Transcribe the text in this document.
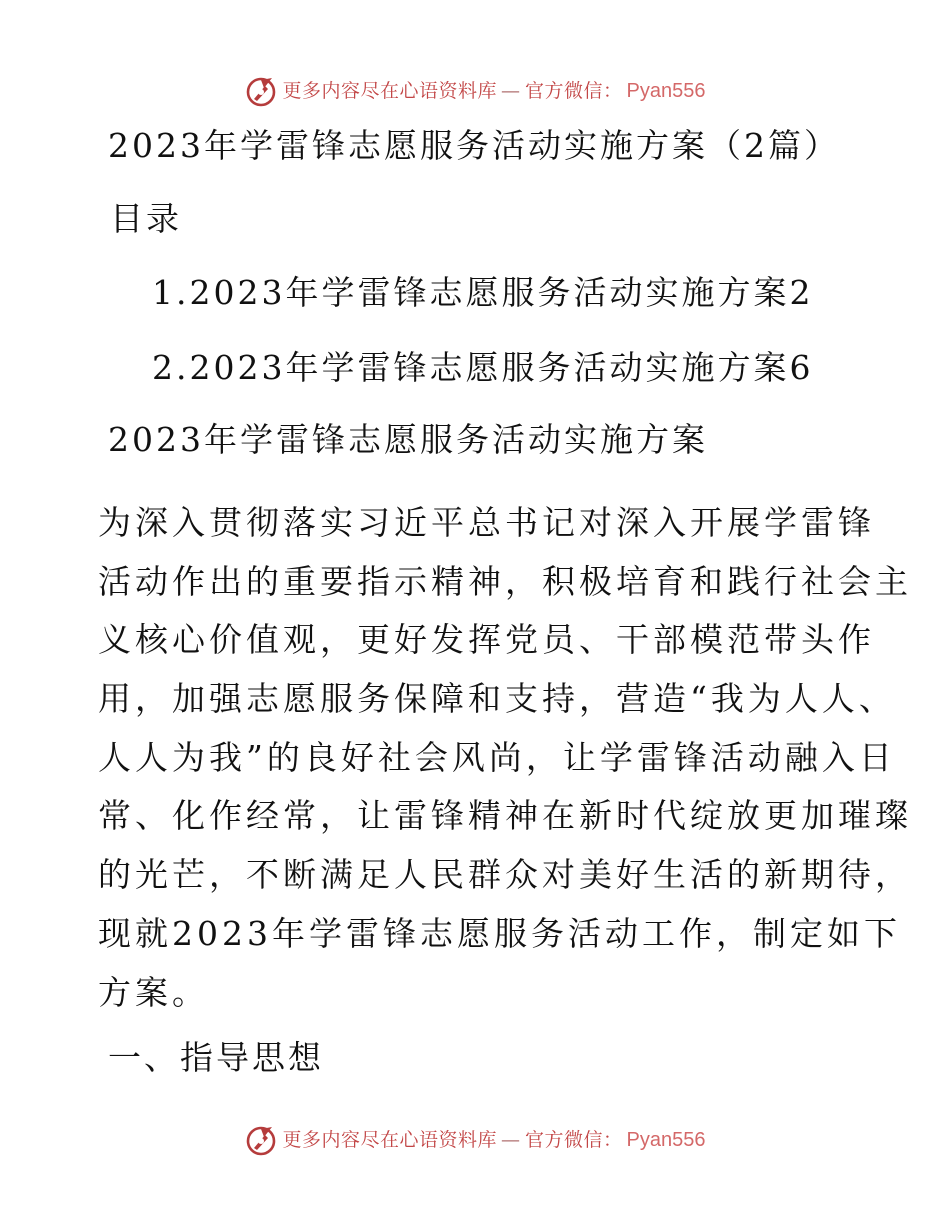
更多内容尽在心语资料库 — 官方微信： Pyan556
2023年学雷锋志愿服务活动实施方案（2篇）
目录
1.2023年学雷锋志愿服务活动实施方案 2
2.2023年学雷锋志愿服务活动实施方案 6
2023年学雷锋志愿服务活动实施方案
为深入贯彻落实习近平总书记对深入开展学雷锋
活动作出的重要指示精神，积极培育和践行社会主
义核心价值观，更好发挥党员、干部模范带头作
用，加强志愿服务保障和支持，营造“我为人人、
人人为我”的良好社会风尚，让学雷锋活动融入日
常、化作经常，让雷锋精神在新时代绽放更加璀璨
的光芒，不断满足人民群众对美好生活的新期待，
现就2023年学雷锋志愿服务活动工作，制定如下
方案。
一、指导思想
更多内容尽在心语资料库 — 官方微信： Pyan556
